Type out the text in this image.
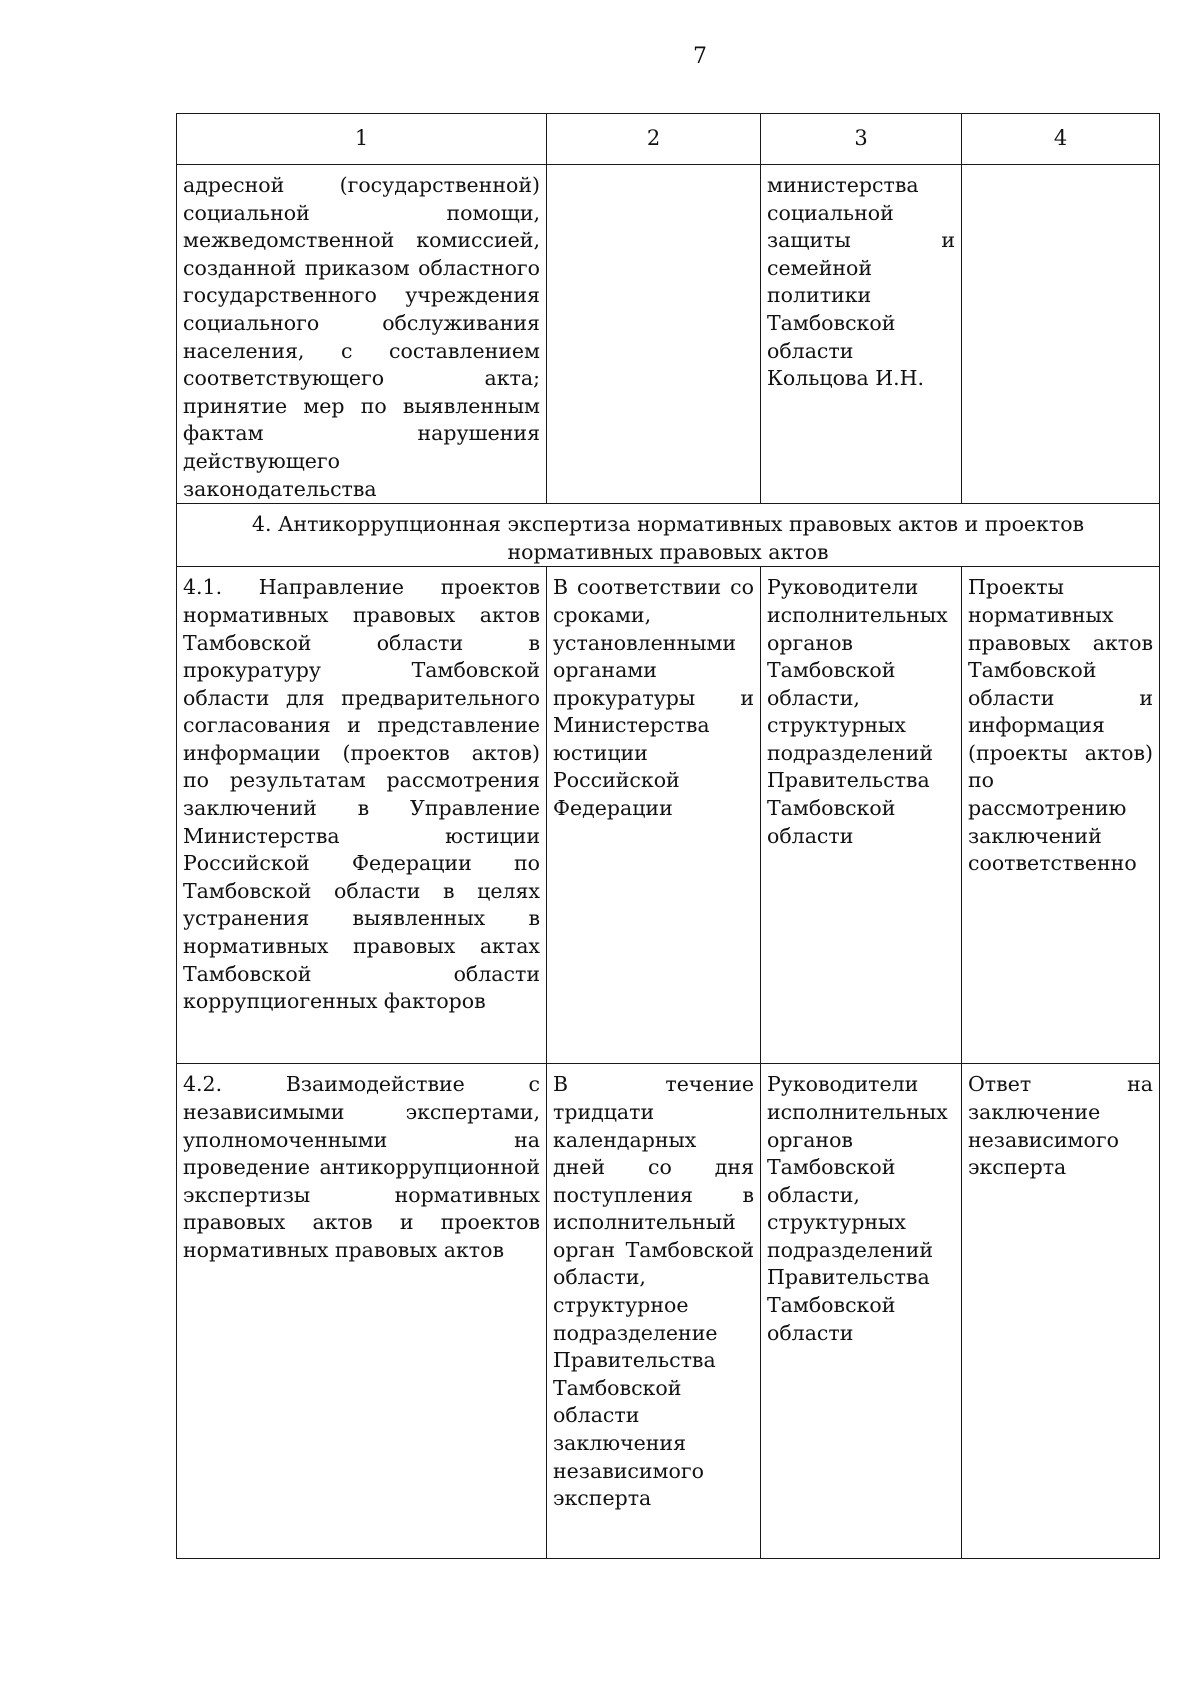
7
1	2	3	4
адресной (государственной) социальной помощи, межведомственной комиссией, созданной приказом областного государственного учреждения социального обслуживания населения, с составлением соответствующего акта; принятие мер по выявленным фактам нарушения действующего законодательства		министерства социальной защиты и семейной политики Тамбовской области Кольцова И.Н.	
4. Антикоррупционная экспертиза нормативных правовых актов и проектов нормативных правовых актов			
4.1. Направление проектов нормативных правовых актов Тамбовской области в прокуратуру Тамбовской области для предварительного согласования и представление информации (проектов актов) по результатам рассмотрения заключений в Управление Министерства юстиции Российской Федерации по Тамбовской области в целях устранения выявленных в нормативных правовых актах Тамбовской области коррупциогенных факторов	В соответствии со сроками, установленными органами прокуратуры и Министерства юстиции Российской Федерации	Руководители исполнительных органов Тамбовской области, структурных подразделений Правительства Тамбовской области	Проекты нормативных правовых актов Тамбовской области и информация (проекты актов) по рассмотрению заключений соответственно
4.2. Взаимодействие с независимыми экспертами, уполномоченными на проведение антикоррупционной экспертизы нормативных правовых актов и проектов нормативных правовых актов	В течение тридцати календарных дней со дня поступления в исполнительный орган Тамбовской области, структурное подразделение Правительства Тамбовской области заключения независимого эксперта	Руководители исполнительных органов Тамбовской области, структурных подразделений Правительства Тамбовской области	Ответ на заключение независимого эксперта
